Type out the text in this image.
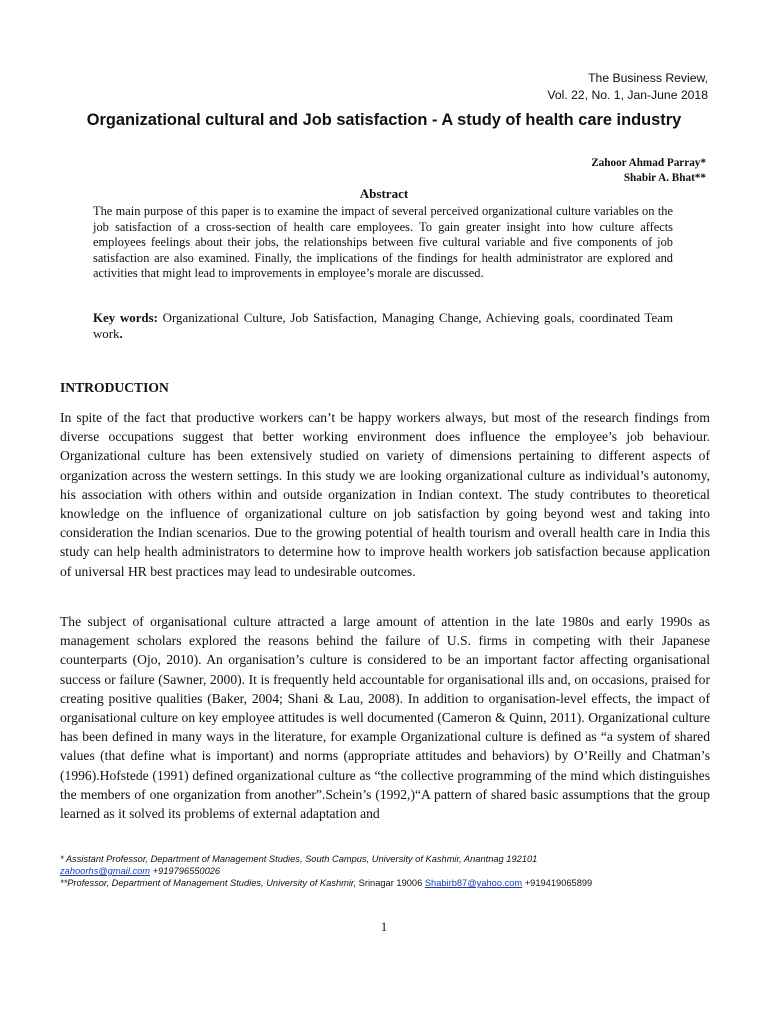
The Business Review,
Vol. 22, No. 1, Jan-June 2018
Organizational cultural and Job satisfaction - A study of health care industry
Zahoor Ahmad Parray*
Shabir A. Bhat**
Abstract
The main purpose of this paper is to examine the impact of several perceived organizational culture variables on the job satisfaction of a cross-section of health care employees. To gain greater insight into how culture affects employees feelings about their jobs, the relationships between five cultural variable and five components of job satisfaction are also examined. Finally, the implications of the findings for health administrator are explored and activities that might lead to improvements in employee’s morale are discussed.
Key words: Organizational Culture, Job Satisfaction, Managing Change, Achieving goals, coordinated Team work.
INTRODUCTION
In spite of the fact that productive workers can’t be happy workers always, but most of the research findings from diverse occupations suggest that better working environment does influence the employee’s job behaviour. Organizational culture has been extensively studied on variety of dimensions pertaining to different aspects of organization across the western settings. In this study we are looking organizational culture as individual’s autonomy, his association with others within and outside organization in Indian context. The study contributes to theoretical knowledge on the influence of organizational culture on job satisfaction by going beyond west and taking into consideration the Indian scenarios. Due to the growing potential of health tourism and overall health care in India this study can help health administrators to determine how to improve health workers job satisfaction because application of universal HR best practices may lead to undesirable outcomes.
The subject of organisational culture attracted a large amount of attention in the late 1980s and early 1990s as management scholars explored the reasons behind the failure of U.S. firms in competing with their Japanese counterparts (Ojo, 2010). An organisation’s culture is considered to be an important factor affecting organisational success or failure (Sawner, 2000). It is frequently held accountable for organisational ills and, on occasions, praised for creating positive qualities (Baker, 2004; Shani & Lau, 2008). In addition to organisation-level effects, the impact of organisational culture on key employee attitudes is well documented (Cameron & Quinn, 2011). Organizational culture has been defined in many ways in the literature, for example Organizational culture is defined as “a system of shared values (that define what is important) and norms (appropriate attitudes and behaviors) by O’Reilly and Chatman’s (1996).Hofstede (1991) defined organizational culture as “the collective programming of the mind which distinguishes the members of one organization from another”.Schein’s (1992,)“A pattern of shared basic assumptions that the group learned as it solved its problems of external adaptation and
* Assistant Professor, Department of Management Studies, South Campus, University of Kashmir, Anantnag 192101
zahoorhs@gmail.com +919796550026
**Professor, Department of Management Studies, University of Kashmir, Srinagar 19006 Shabirb87@yahoo.com +919419065899
1
